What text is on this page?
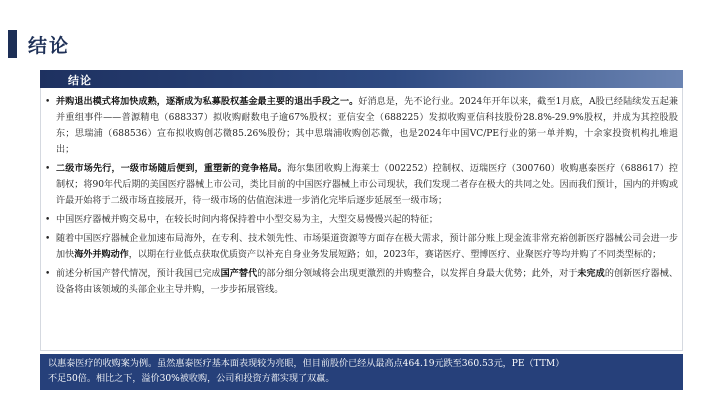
结论
结论
• 并购退出模式将加快成熟，逐渐成为私募股权基金最主要的退出手段之一。好消息是，先不论行业。2024年开年以来，截至1月底，A股已经陆续发五起兼并重组事件——普源精电（688337）拟收购耐数电子逾67%股权；亚信安全（688225）发拟收购亚信科技股份28.8%-29.9%股权，并成为其控股股东；思瑞浦（688536）宣布拟收购创芯微85.26%股份；其中思瑞浦收购创芯微，也是2024年中国VC/PE行业的第一单并购，十余家投资机构扎堆退出；
• 二级市场先行，一级市场随后便到，重塑新的竞争格局。海尔集团收购上海莱士（002252）控制权、迈瑞医疗（300760）收购惠泰医疗（688617）控制权；将90年代后期的美国医疗器械上市公司，类比目前的中国医疗器械上市公司现状，我们发现二者存在极大的共同之处。因而我们预计，国内的并购或许最开始将于二级市场直接展开，待一级市场的估值泡沫进一步消化完毕后逐步延展至一级市场；
• 中国医疗器械并购交易中，在较长时间内将保持着中小型交易为主，大型交易慢慢兴起的特征；
• 随着中国医疗器械企业加速布局海外，在专利、技术领先性、市场渠道资源等方面存在极大需求，预计部分账上现金流非常充裕创新医疗器械公司会进一步加快海外并购动作，以期在行业低点获取优质资产以补充自身业务发展短路；如，2023年，赛诺医疗、塑博医疗、业聚医疗等均并购了不同类型标的；
• 前述分析国产替代情况，预计我国已完成国产替代的部分细分领域将会出现更激烈的并购整合，以发挥自身最大优势；此外，对于未完成的创新医疗器械、设备将由该领域的头部企业主导并购，一步步拓展管线。

以惠泰医疗的收购案为例。虽然惠泰医疗基本面表现较为亮眼，但目前股价已经从最高点464.19元跌至360.53元，PE（TTM）

不足50倍。相比之下，溢价30%被收购，公司和投资方都实现了双赢。
